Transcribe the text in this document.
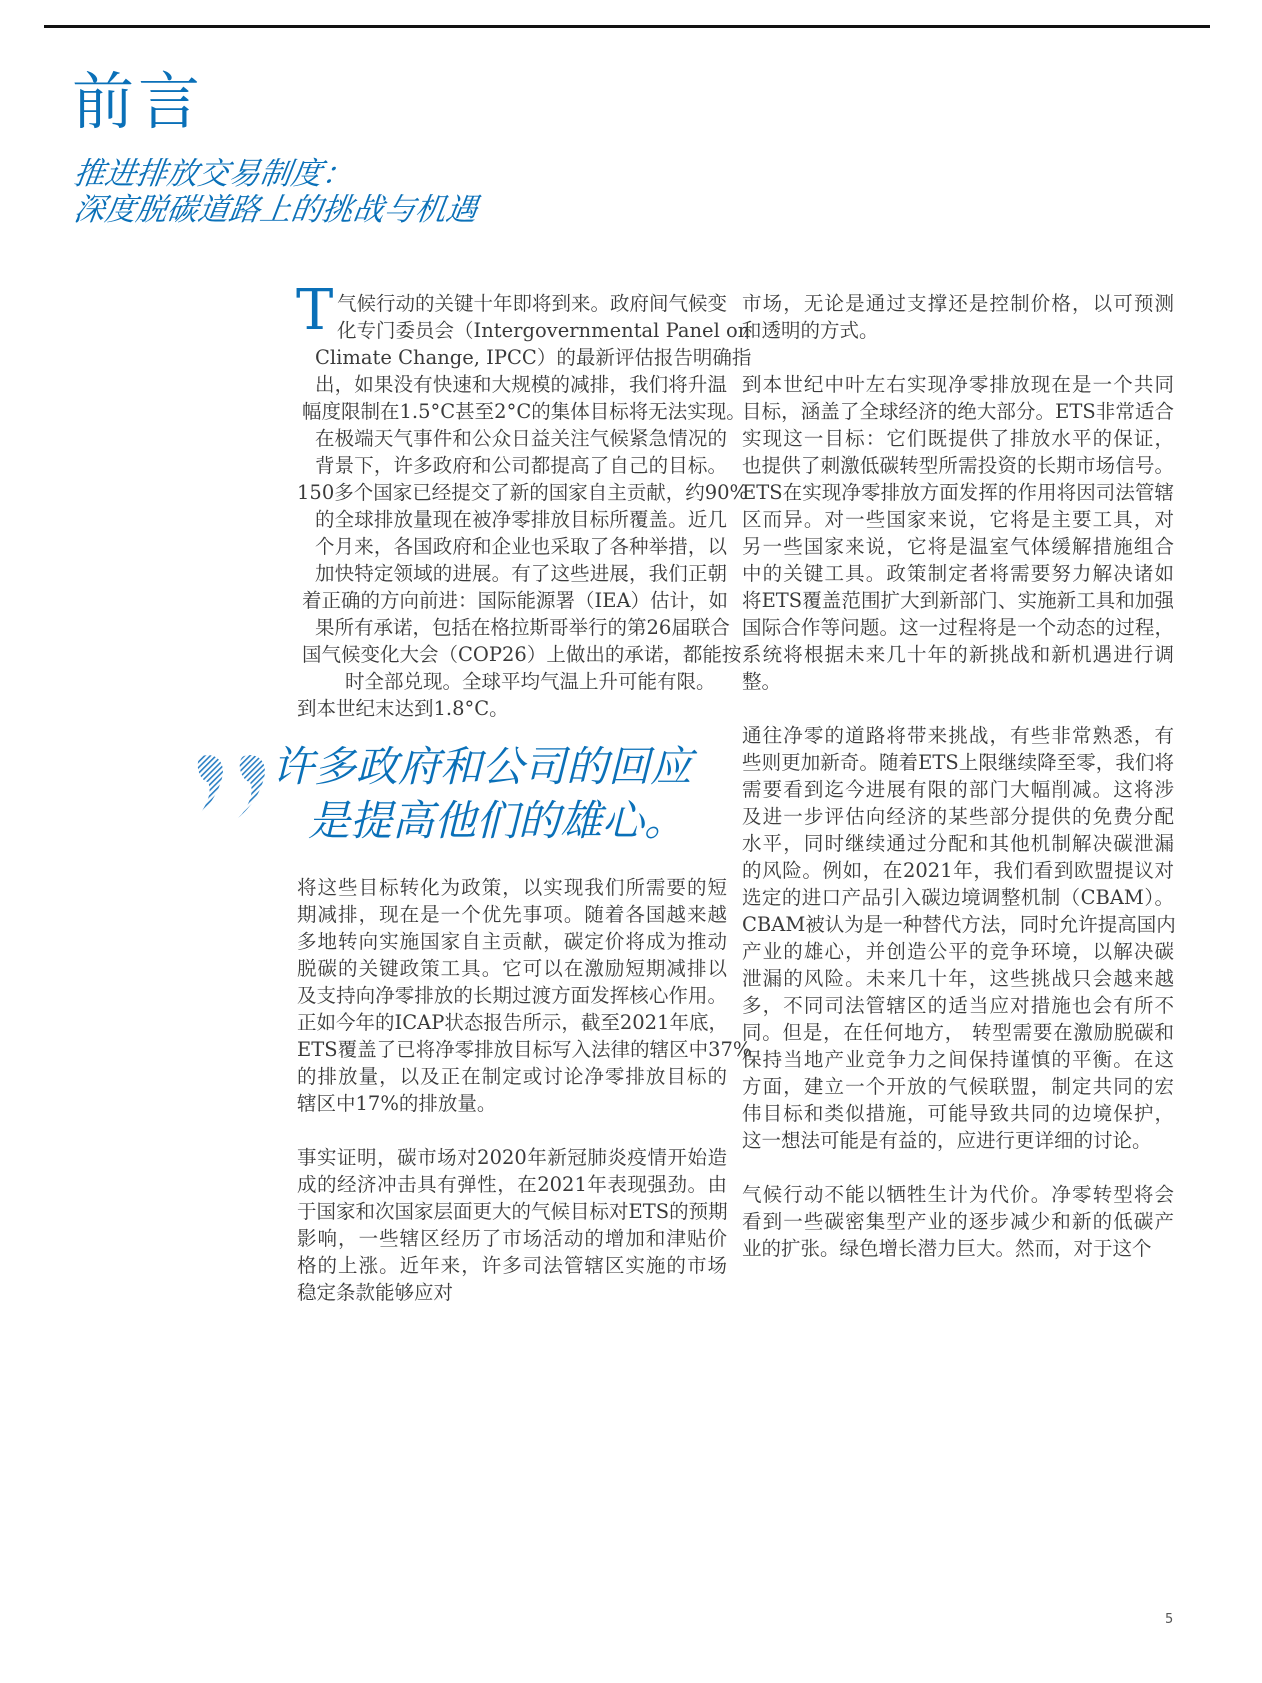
前言
推进排放交易制度：
深度脱碳道路上的挑战与机遇
T 气候行动的关键十年即将到来。政府间气候变
化专门委员会（Intergovernmental Panel on
Climate Change, IPCC）的最新评估报告明确指
出，如果没有快速和大规模的减排，我们将升温
幅度限制在1.5°C甚至2°C的集体目标将无法实现。
在极端天气事件和公众日益关注气候紧急情况的
背景下，许多政府和公司都提高了自己的目标。
150多个国家已经提交了新的国家自主贡献，约90%
的全球排放量现在被净零排放目标所覆盖。近几
个月来，各国政府和企业也采取了各种举措，以
加快特定领域的进展。有了这些进展，我们正朝
着正确的方向前进：国际能源署（IEA）估计，如
果所有承诺，包括在格拉斯哥举行的第26届联合
国气候变化大会（COP26）上做出的承诺，都能按
时全部兑现。全球平均气温上升可能有限。
到本世纪末达到1.8°C。
许多政府和公司的回应
是提高他们的雄心。
将这些目标转化为政策，以实现我们所需要的短
期减排，现在是一个优先事项。随着各国越来越
多地转向实施国家自主贡献，碳定价将成为推动
脱碳的关键政策工具。它可以在激励短期减排以
及支持向净零排放的长期过渡方面发挥核心作用。
正如今年的ICAP状态报告所示，截至2021年底，
ETS覆盖了已将净零排放目标写入法律的辖区中37%
的排放量，以及正在制定或讨论净零排放目标的
辖区中17%的排放量。
事实证明，碳市场对2020年新冠肺炎疫情开始造
成的经济冲击具有弹性，在2021年表现强劲。由
于国家和次国家层面更大的气候目标对ETS的预期
影响，一些辖区经历了市场活动的增加和津贴价
格的上涨。近年来，许多司法管辖区实施的市场
稳定条款能够应对
市场，无论是通过支撑还是控制价格，以可预测
和透明的方式。
到本世纪中叶左右实现净零排放现在是一个共同
目标，涵盖了全球经济的绝大部分。ETS非常适合
实现这一目标：它们既提供了排放水平的保证，
也提供了刺激低碳转型所需投资的长期市场信号。
ETS在实现净零排放方面发挥的作用将因司法管辖
区而异。对一些国家来说，它将是主要工具，对
另一些国家来说，它将是温室气体缓解措施组合
中的关键工具。政策制定者将需要努力解决诸如
将ETS覆盖范围扩大到新部门、实施新工具和加强
国际合作等问题。这一过程将是一个动态的过程，
系统将根据未来几十年的新挑战和新机遇进行调
整。
通往净零的道路将带来挑战，有些非常熟悉，有
些则更加新奇。随着ETS上限继续降至零，我们将
需要看到迄今进展有限的部门大幅削减。这将涉
及进一步评估向经济的某些部分提供的免费分配
水平，同时继续通过分配和其他机制解决碳泄漏
的风险。例如，在2021年，我们看到欧盟提议对
选定的进口产品引入碳边境调整机制（CBAM）。
CBAM被认为是一种替代方法，同时允许提高国内
产业的雄心，并创造公平的竞争环境，以解决碳
泄漏的风险。未来几十年，这些挑战只会越来越
多，不同司法管辖区的适当应对措施也会有所不
同。但是，在任何地方， 转型需要在激励脱碳和
保持当地产业竞争力之间保持谨慎的平衡。在这
方面，建立一个开放的气候联盟，制定共同的宏
伟目标和类似措施，可能导致共同的边境保护，
这一想法可能是有益的，应进行更详细的讨论。
气候行动不能以牺牲生计为代价。净零转型将会
看到一些碳密集型产业的逐步减少和新的低碳产
业的扩张。绿色增长潜力巨大。然而，对于这个
5
